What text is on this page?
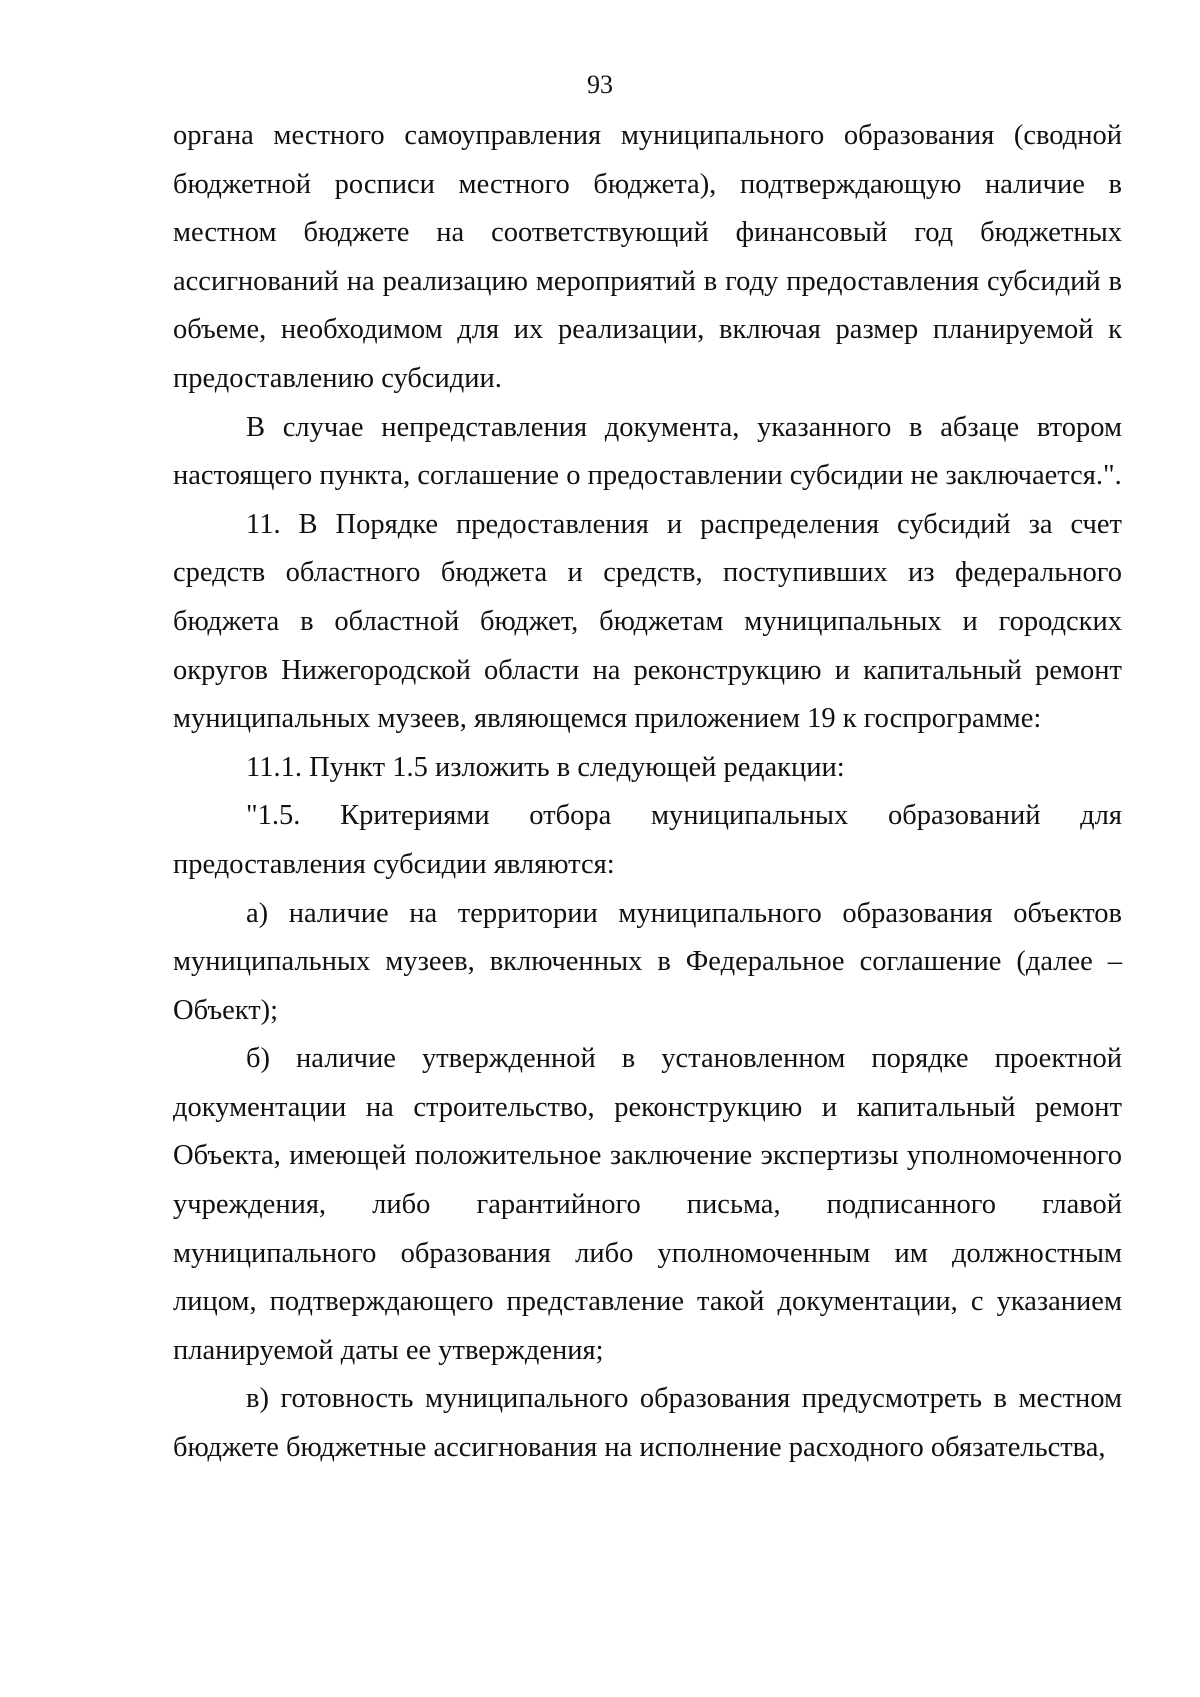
93

органа местного самоуправления муниципального образования (сводной бюджетной росписи местного бюджета), подтверждающую наличие в местном бюджете на соответствующий финансовый год бюджетных ассигнований на реализацию мероприятий в году предоставления субсидий в объеме, необходимом для их реализации, включая размер планируемой к предоставлению субсидии.

В случае непредставления документа, указанного в абзаце втором настоящего пункта, соглашение о предоставлении субсидии не заключается.".

11. В Порядке предоставления и распределения субсидий за счет средств областного бюджета и средств, поступивших из федерального бюджета в областной бюджет, бюджетам муниципальных и городских округов Нижегородской области на реконструкцию и капитальный ремонт муниципальных музеев, являющемся приложением 19 к госпрограмме:

11.1. Пункт 1.5 изложить в следующей редакции:

"1.5. Критериями отбора муниципальных образований для предоставления субсидии являются:

а) наличие на территории муниципального образования объектов муниципальных музеев, включенных в Федеральное соглашение (далее – Объект);

б) наличие утвержденной в установленном порядке проектной документации на строительство, реконструкцию и капитальный ремонт Объекта, имеющей положительное заключение экспертизы уполномоченного учреждения, либо гарантийного письма, подписанного главой муниципального образования либо уполномоченным им должностным лицом, подтверждающего представление такой документации, с указанием планируемой даты ее утверждения;

в) готовность муниципального образования предусмотреть в местном бюджете бюджетные ассигнования на исполнение расходного обязательства,
